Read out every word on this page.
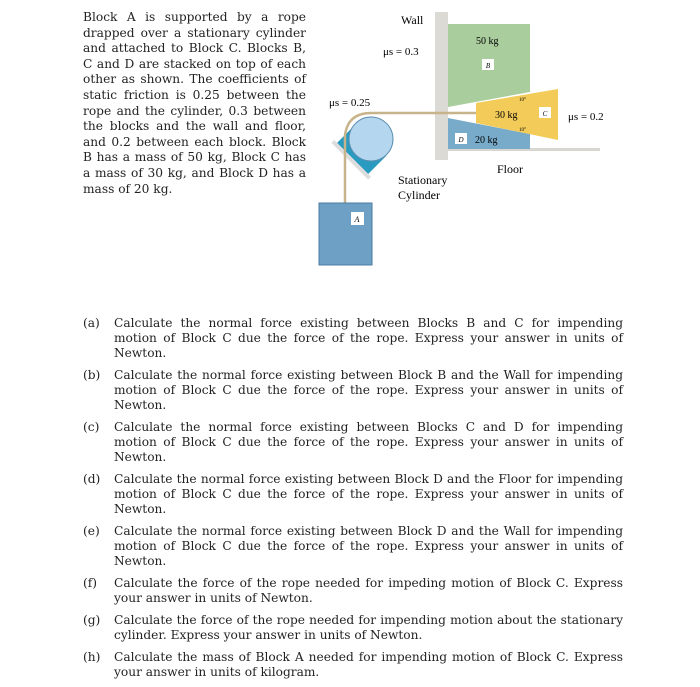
Block A is supported by a rope drapped over a stationary cylinder and attached to Block C. Blocks B, C and D are stacked on top of each other as shown. The coefficients of static friction is 0.25 between the rope and the cylinder, 0.3 between the blocks and the wall and floor, and 0.2 between each block. Block B has a mass of 50 kg, Block C has a mass of 30 kg, and Block D has a mass of 20 kg.
A
Wall
μs = 0.3
μs = 0.25
μs = 0.2
50 kg
B
30 kg	C
10°
10°
D 20 kg
Floor
Stationary
Cylinder
(a)	Calculate the normal force existing between Blocks B and C for impending motion of Block C due the force of the rope. Express your answer in units of Newton.
(b)	Calculate the normal force existing between Block B and the Wall for impending motion of Block C due the force of the rope. Express your answer in units of Newton.
(c)	Calculate the normal force existing between Blocks C and D for impending motion of Block C due the force of the rope. Express your answer in units of Newton.
(d)	Calculate the normal force existing between Block D and the Floor for impending motion of Block C due the force of the rope. Express your answer in units of Newton.
(e)	Calculate the normal force existing between Block D and the Wall for impending motion of Block C due the force of the rope. Express your answer in units of Newton.
(f)	Calculate the force of the rope needed for impeding motion of Block C. Express your answer in units of Newton.
(g)	Calculate the force of the rope needed for impending motion about the stationary cylinder. Express your answer in units of Newton.
(h)	Calculate the mass of Block A needed for impending motion of Block C. Express your answer in units of kilogram.
